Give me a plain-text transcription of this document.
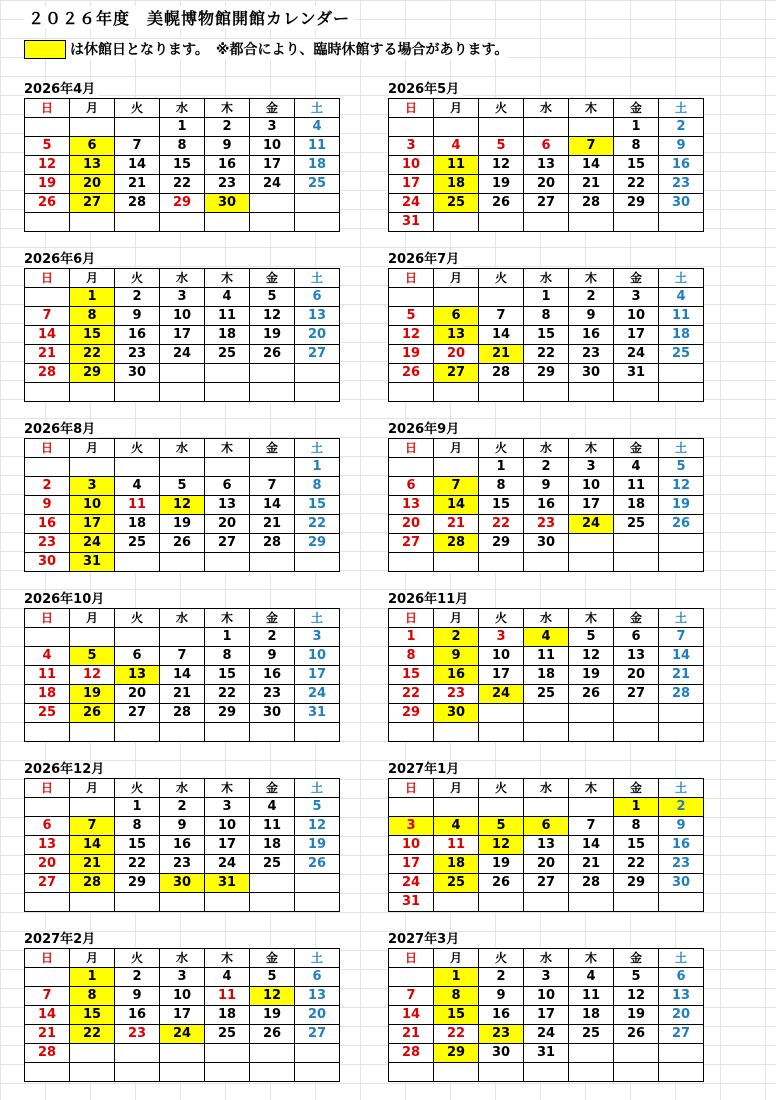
２０２６年度　美幌博物館開館カレンダー
は休館日となります。　※都合により、臨時休館する場合があります。
2026年4月
日	月	火	水	木	金	土
			1	2	3	4
5	6	7	8	9	10	11
12	13	14	15	16	17	18
19	20	21	22	23	24	25
26	27	28	29	30		

2026年5月
日	月	火	水	木	金	土
					1	2
3	4	5	6	7	8	9
10	11	12	13	14	15	16
17	18	19	20	21	22	23
24	25	26	27	28	29	30
31						
2026年6月
日	月	火	水	木	金	土
	1	2	3	4	5	6
7	8	9	10	11	12	13
14	15	16	17	18	19	20
21	22	23	24	25	26	27
28	29	30				

2026年7月
日	月	火	水	木	金	土
			1	2	3	4
5	6	7	8	9	10	11
12	13	14	15	16	17	18
19	20	21	22	23	24	25
26	27	28	29	30	31	

2026年8月
日	月	火	水	木	金	土
						1
2	3	4	5	6	7	8
9	10	11	12	13	14	15
16	17	18	19	20	21	22
23	24	25	26	27	28	29
30	31					
2026年9月
日	月	火	水	木	金	土
		1	2	3	4	5
6	7	8	9	10	11	12
13	14	15	16	17	18	19
20	21	22	23	24	25	26
27	28	29	30			

2026年10月
日	月	火	水	木	金	土
				1	2	3
4	5	6	7	8	9	10
11	12	13	14	15	16	17
18	19	20	21	22	23	24
25	26	27	28	29	30	31

2026年11月
日	月	火	水	木	金	土
1	2	3	4	5	6	7
8	9	10	11	12	13	14
15	16	17	18	19	20	21
22	23	24	25	26	27	28
29	30					

2026年12月
日	月	火	水	木	金	土
		1	2	3	4	5
6	7	8	9	10	11	12
13	14	15	16	17	18	19
20	21	22	23	24	25	26
27	28	29	30	31		

2027年1月
日	月	火	水	木	金	土
					1	2
3	4	5	6	7	8	9
10	11	12	13	14	15	16
17	18	19	20	21	22	23
24	25	26	27	28	29	30
31						
2027年2月
日	月	火	水	木	金	土
	1	2	3	4	5	6
7	8	9	10	11	12	13
14	15	16	17	18	19	20
21	22	23	24	25	26	27
28						

2027年3月
日	月	火	水	木	金	土
	1	2	3	4	5	6
7	8	9	10	11	12	13
14	15	16	17	18	19	20
21	22	23	24	25	26	27
28	29	30	31			
